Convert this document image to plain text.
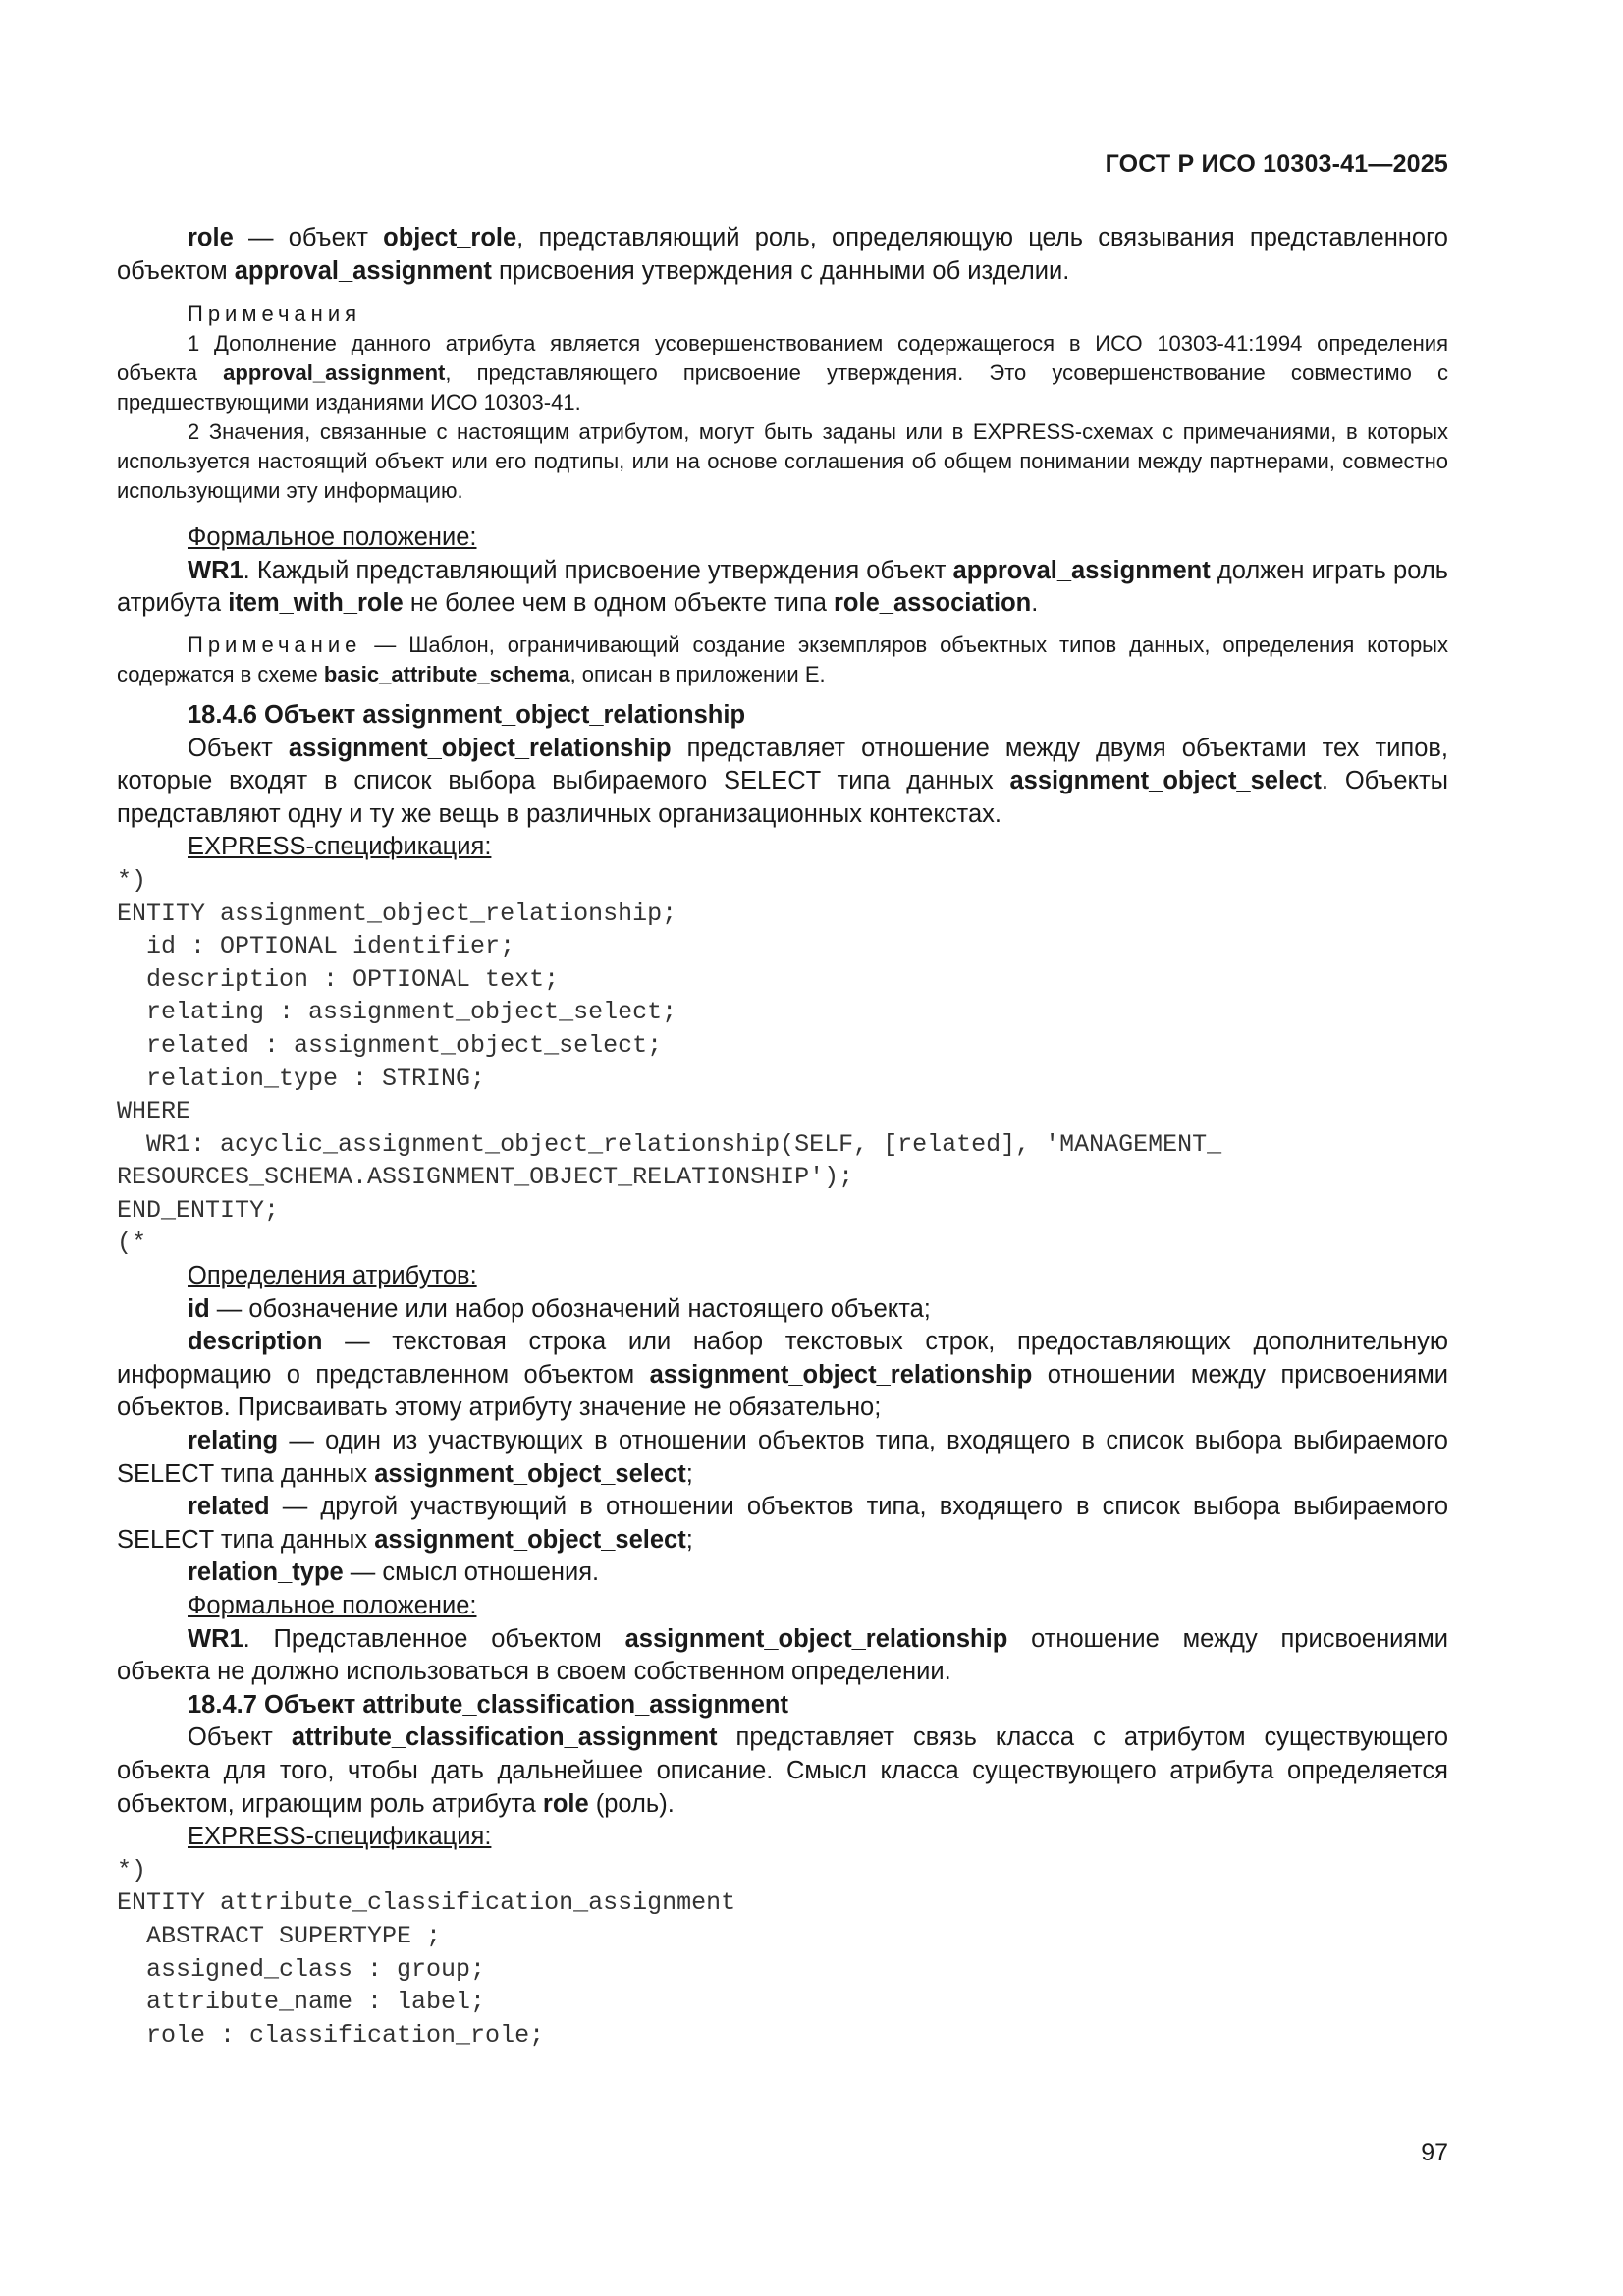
ГОСТ Р ИСО 10303-41—2025

role — объект object_role, представляющий роль, определяющую цель связывания представленного объектом approval_assignment присвоения утверждения с данными об изделии.

Примечания

1 Дополнение данного атрибута является усовершенствованием содержащегося в ИСО 10303-41:1994 определения объекта approval_assignment, представляющего присвоение утверждения. Это усовершенствование совместимо с предшествующими изданиями ИСО 10303-41.

2 Значения, связанные с настоящим атрибутом, могут быть заданы или в EXPRESS-схемах с примечаниями, в которых используется настоящий объект или его подтипы, или на основе соглашения об общем понимании между партнерами, совместно использующими эту информацию.

Формальное положение:

WR1. Каждый представляющий присвоение утверждения объект approval_assignment должен играть роль атрибута item_with_role не более чем в одном объекте типа role_association.

Примечание — Шаблон, ограничивающий создание экземпляров объектных типов данных, определения которых содержатся в схеме basic_attribute_schema, описан в приложении Е.

18.4.6 Объект assignment_object_relationship

Объект assignment_object_relationship представляет отношение между двумя объектами тех типов, которые входят в список выбора выбираемого SELECT типа данных assignment_object_select. Объекты представляют одну и ту же вещь в различных организационных контекстах.

EXPRESS-спецификация:

*)
ENTITY assignment_object_relationship;
id : OPTIONAL identifier;
description : OPTIONAL text;
relating : assignment_object_select;
related : assignment_object_select;
relation_type : STRING;
WHERE
WR1: acyclic_assignment_object_relationship(SELF, [related], 'MANAGEMENT_
RESOURCES_SCHEMA.ASSIGNMENT_OBJECT_RELATIONSHIP');
END_ENTITY;
(*

Определения атрибутов:

id — обозначение или набор обозначений настоящего объекта;

description — текстовая строка или набор текстовых строк, предоставляющих дополнительную информацию о представленном объектом assignment_object_relationship отношении между присвоениями объектов. Присваивать этому атрибуту значение не обязательно;

relating — один из участвующих в отношении объектов типа, входящего в список выбора выбираемого SELECT типа данных assignment_object_select;

related — другой участвующий в отношении объектов типа, входящего в список выбора выбираемого SELECT типа данных assignment_object_select;

relation_type — смысл отношения.

Формальное положение:

WR1. Представленное объектом assignment_object_relationship отношение между присвоениями объекта не должно использоваться в своем собственном определении.

18.4.7 Объект attribute_classification_assignment

Объект attribute_classification_assignment представляет связь класса с атрибутом существующего объекта для того, чтобы дать дальнейшее описание. Смысл класса существующего атрибута определяется объектом, играющим роль атрибута role (роль).

EXPRESS-спецификация:

*)
ENTITY attribute_classification_assignment
ABSTRACT SUPERTYPE ;
assigned_class : group;
attribute_name : label;
role : classification_role;
97
